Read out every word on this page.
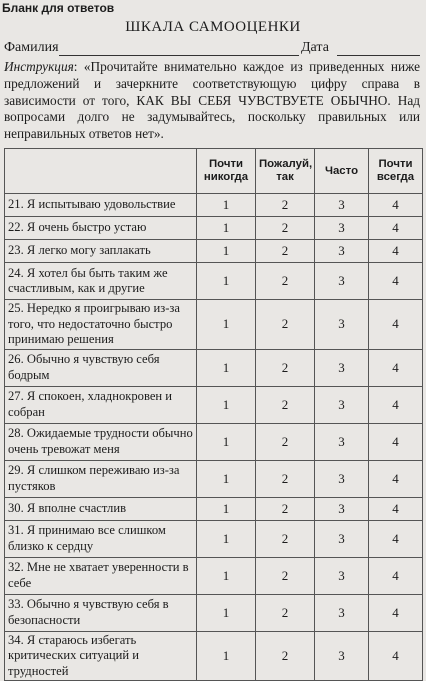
Бланк для ответов
ШКАЛА САМООЦЕНКИ
Фамилия	Дата
Инструкция: «Прочитайте внимательно каждое из приведенных ниже предложений и зачеркните соответствующую цифру справа в зависимости от того, КАК ВЫ СЕБЯ ЧУВСТВУЕТЕ ОБЫЧНО. Над вопросами долго не задумывайтесь, поскольку правильных или неправильных ответов нет».
	Почти никогда	Пожалуй, так	Часто	Почти всегда
21. Я испытываю удовольствие	1	2	3	4
22. Я очень быстро устаю	1	2	3	4
23. Я легко могу заплакать	1	2	3	4
24. Я хотел бы быть таким же счастливым, как и другие	1	2	3	4
25. Нередко я проигрываю из-за того, что недостаточно быстро принимаю решения	1	2	3	4
26. Обычно я чувствую себя бодрым	1	2	3	4
27. Я спокоен, хладнокровен и собран	1	2	3	4
28. Ожидаемые трудности обычно очень тревожат меня	1	2	3	4
29. Я слишком переживаю из-за пустяков	1	2	3	4
30. Я вполне счастлив	1	2	3	4
31. Я принимаю все слишком близко к сердцу	1	2	3	4
32. Мне не хватает уверенности в себе	1	2	3	4
33. Обычно я чувствую себя в безопасности	1	2	3	4
34. Я стараюсь избегать критических ситуаций и трудностей	1	2	3	4
